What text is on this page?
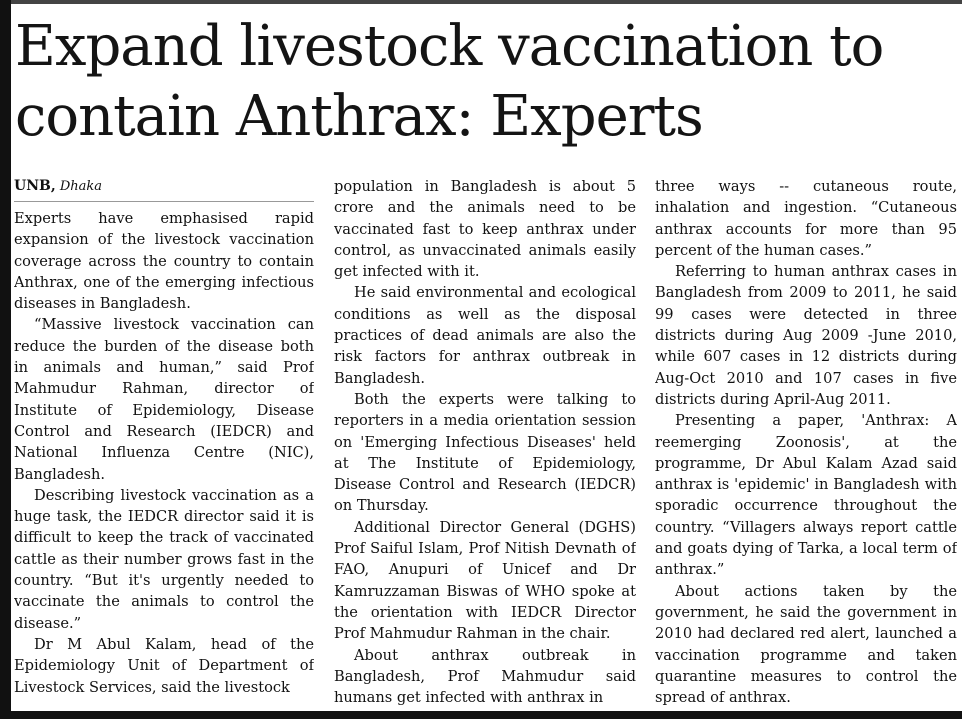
Expand livestock vaccination to contain Anthrax: Experts
UNB, Dhaka

Experts have emphasised rapid expansion of the livestock vaccination coverage across the country to contain Anthrax, one of the emerging infectious diseases in Bangladesh.

“Massive livestock vaccination can reduce the burden of the disease both in animals and human,” said Prof Mahmudur Rahman, director of Institute of Epidemiology, Disease Control and Research (IEDCR) and National Influenza Centre (NIC), Bangladesh.

Describing livestock vaccination as a huge task, the IEDCR director said it is difficult to keep the track of vaccinated cattle as their number grows fast in the country. “But it's urgently needed to vaccinate the animals to control the disease.”

Dr M Abul Kalam, head of the Epidemiology Unit of Department of Livestock Services, said the livestock

population in Bangladesh is about 5 crore and the animals need to be vaccinated fast to keep anthrax under control, as unvaccinated animals easily get infected with it.

He said environmental and ecological conditions as well as the disposal practices of dead animals are also the risk factors for anthrax outbreak in Bangladesh.

Both the experts were talking to reporters in a media orientation session on 'Emerging Infectious Diseases' held at The Institute of Epidemiology, Disease Control and Research (IEDCR) on Thursday.

Additional Director General (DGHS) Prof Saiful Islam, Prof Nitish Devnath of FAO, Anupuri of Unicef and Dr Kamruzzaman Biswas of WHO spoke at the orientation with IEDCR Director Prof Mahmudur Rahman in the chair.

About anthrax outbreak in Bangladesh, Prof Mahmudur said humans get infected with anthrax in

three ways -- cutaneous route, inhalation and ingestion. “Cutaneous anthrax accounts for more than 95 percent of the human cases.”

Referring to human anthrax cases in Bangladesh from 2009 to 2011, he said 99 cases were detected in three districts during Aug 2009 -June 2010, while 607 cases in 12 districts during Aug-Oct 2010 and 107 cases in five districts during April-Aug 2011.

Presenting a paper, 'Anthrax: A reemerging Zoonosis', at the programme, Dr Abul Kalam Azad said anthrax is 'epidemic' in Bangladesh with sporadic occurrence throughout the country. “Villagers always report cattle and goats dying of Tarka, a local term of anthrax.”

About actions taken by the government, he said the government in 2010 had declared red alert, launched a vaccination programme and taken quarantine measures to control the spread of anthrax.
